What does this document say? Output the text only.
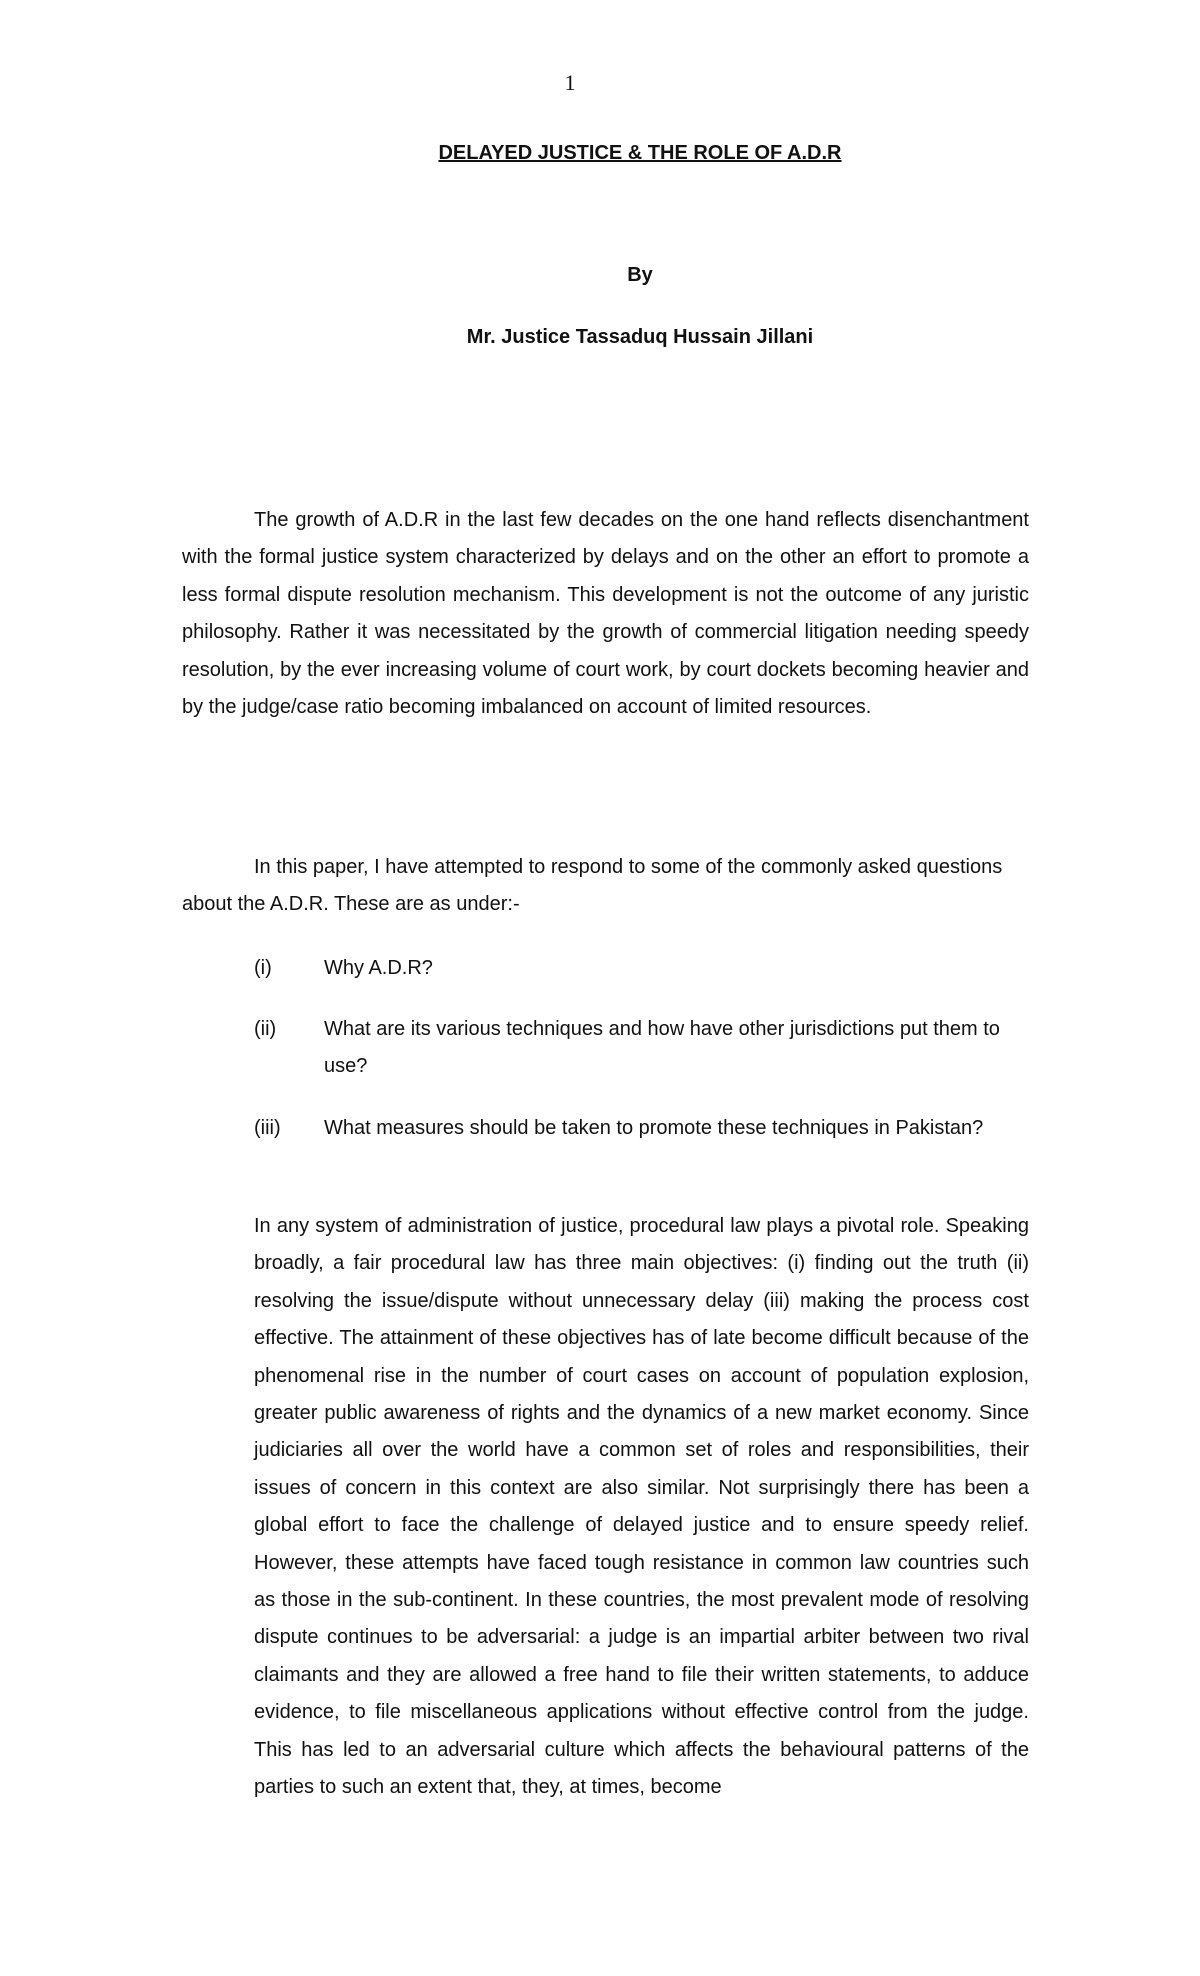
1
DELAYED JUSTICE & THE ROLE OF A.D.R
By
Mr. Justice Tassaduq Hussain Jillani

The growth of A.D.R in the last few decades on the one hand reflects disenchantment with the formal justice system characterized by delays and on the other an effort to promote a less formal dispute resolution mechanism. This development is not the outcome of any juristic philosophy. Rather it was necessitated by the growth of commercial litigation needing speedy resolution, by the ever increasing volume of court work, by court dockets becoming heavier and by the judge/case ratio becoming imbalanced on account of limited resources.

In this paper, I have attempted to respond to some of the commonly asked questions about the A.D.R. These are as under:-

(i)	Why A.D.R?
(ii) What are its various techniques and how have other jurisdictions put them to use?
(iii) What measures should be taken to promote these techniques in Pakistan?

In any system of administration of justice, procedural law plays a pivotal role. Speaking broadly, a fair procedural law has three main objectives: (i) finding out the truth (ii) resolving the issue/dispute without unnecessary delay (iii) making the process cost effective. The attainment of these objectives has of late become difficult because of the phenomenal rise in the number of court cases on account of population explosion, greater public awareness of rights and the dynamics of a new market economy. Since judiciaries all over the world have a common set of roles and responsibilities, their issues of concern in this context are also similar. Not surprisingly there has been a global effort to face the challenge of delayed justice and to ensure speedy relief. However, these attempts have faced tough resistance in common law countries such as those in the sub-continent. In these countries, the most prevalent mode of resolving dispute continues to be adversarial: a judge is an impartial arbiter between two rival claimants and they are allowed a free hand to file their written statements, to adduce evidence, to file miscellaneous applications without effective control from the judge. This has led to an adversarial culture which affects the behavioural patterns of the parties to such an extent that, they, at times, become
